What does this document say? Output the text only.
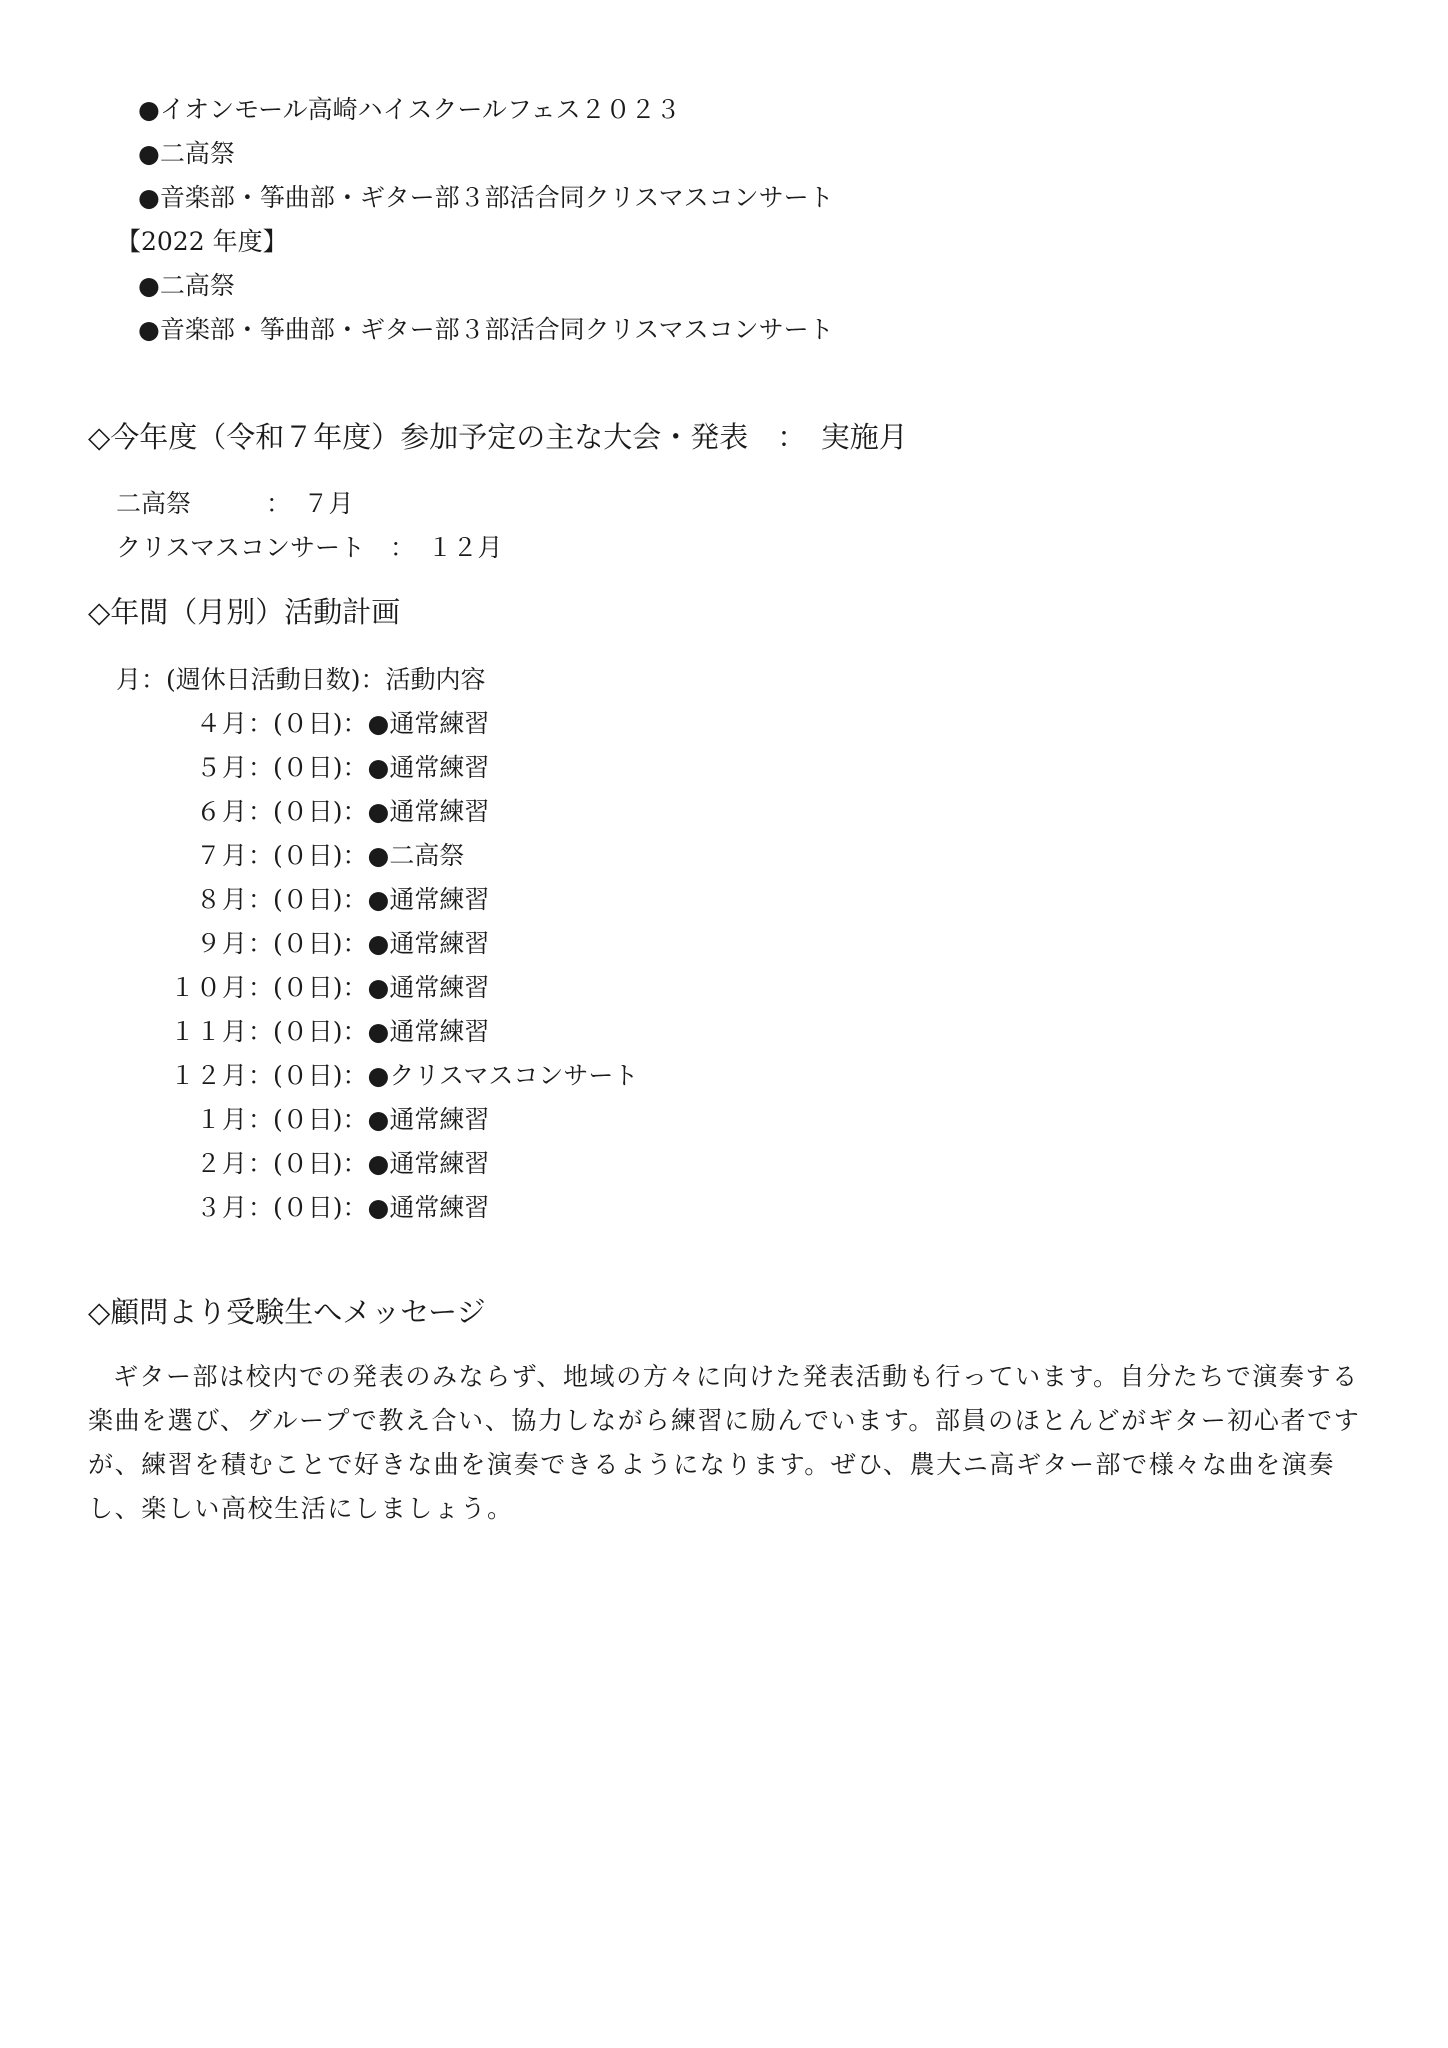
●イオンモール高崎ハイスクールフェス２０２３
●二高祭
●音楽部・筝曲部・ギター部３部活合同クリスマスコンサート
【2022 年度】
●二高祭
●音楽部・筝曲部・ギター部３部活合同クリスマスコンサート
◇今年度（令和７年度）参加予定の主な大会・発表　：　実施月
二高祭　　　：　７月
クリスマスコンサート　：　１２月
◇年間（月別）活動計画
月：(週休日活動日数)：活動内容
４月 ：(０日)：●通常練習
５月 ：(０日)：●通常練習
６月 ：(０日)：●通常練習
７月 ：(０日)：●二高祭
８月 ：(０日)：●通常練習
９月 ：(０日)：●通常練習
１０月 ：(０日)：●通常練習
１１月 ：(０日)：●通常練習
１２月 ：(０日)：●クリスマスコンサート
１月 ：(０日)：●通常練習
２月 ：(０日)：●通常練習
３月 ：(０日)：●通常練習
◇顧問より受験生へメッセージ
ギター部は校内での発表のみならず、地域の方々に向けた発表活動も行っています。自分たちで演奏する楽曲を選び、グループで教え合い、協力しながら練習に励んでいます。部員のほとんどがギター初心者ですが、練習を積むことで好きな曲を演奏できるようになります。ぜひ、農大ニ高ギター部で様々な曲を演奏し、楽しい高校生活にしましょう。
